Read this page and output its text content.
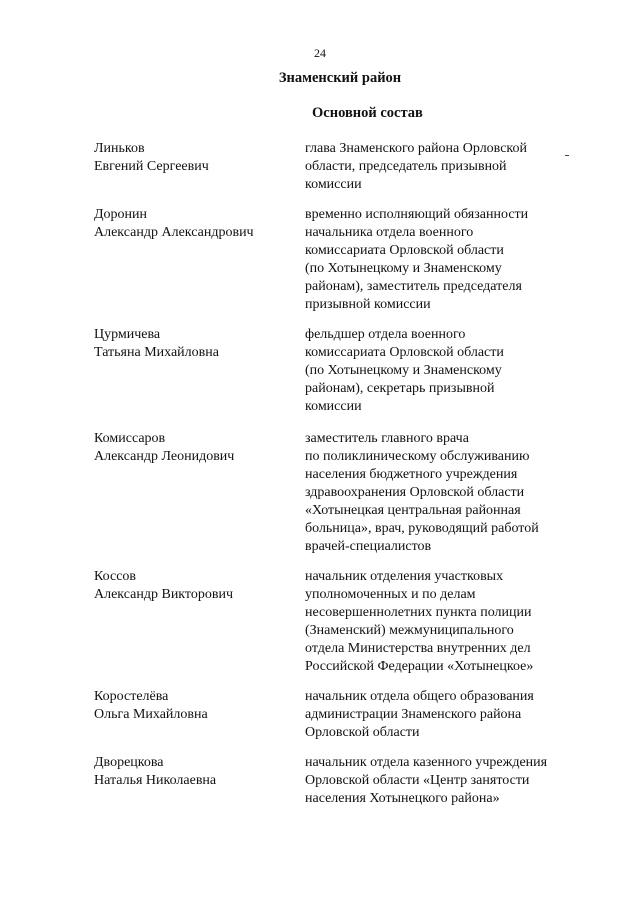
24
Знаменский район
Основной состав
Линьков
Евгений Сергеевич
глава Знаменского района Орловской
области, председатель призывной
комиссии
Доронин
Александр Александрович
временно исполняющий обязанности
начальника отдела военного
комиссариата Орловской области
(по Хотынецкому и Знаменскому
районам), заместитель председателя
призывной комиссии
Цурмичева
Татьяна Михайловна
фельдшер отдела военного
комиссариата Орловской области
(по Хотынецкому и Знаменскому
районам), секретарь призывной
комиссии
Комиссаров
Александр Леонидович
заместитель главного врача
по поликлиническому обслуживанию
населения бюджетного учреждения
здравоохранения Орловской области
«Хотынецкая центральная районная
больница», врач, руководящий работой
врачей-специалистов
Коссов
Александр Викторович
начальник отделения участковых
уполномоченных и по делам
несовершеннолетних пункта полиции
(Знаменский) межмуниципального
отдела Министерства внутренних дел
Российской Федерации «Хотынецкое»
Коростелёва
Ольга Михайловна
начальник отдела общего образования
администрации Знаменского района
Орловской области
Дворецкова
Наталья Николаевна
начальник отдела казенного учреждения
Орловской области «Центр занятости
населения Хотынецкого района»
